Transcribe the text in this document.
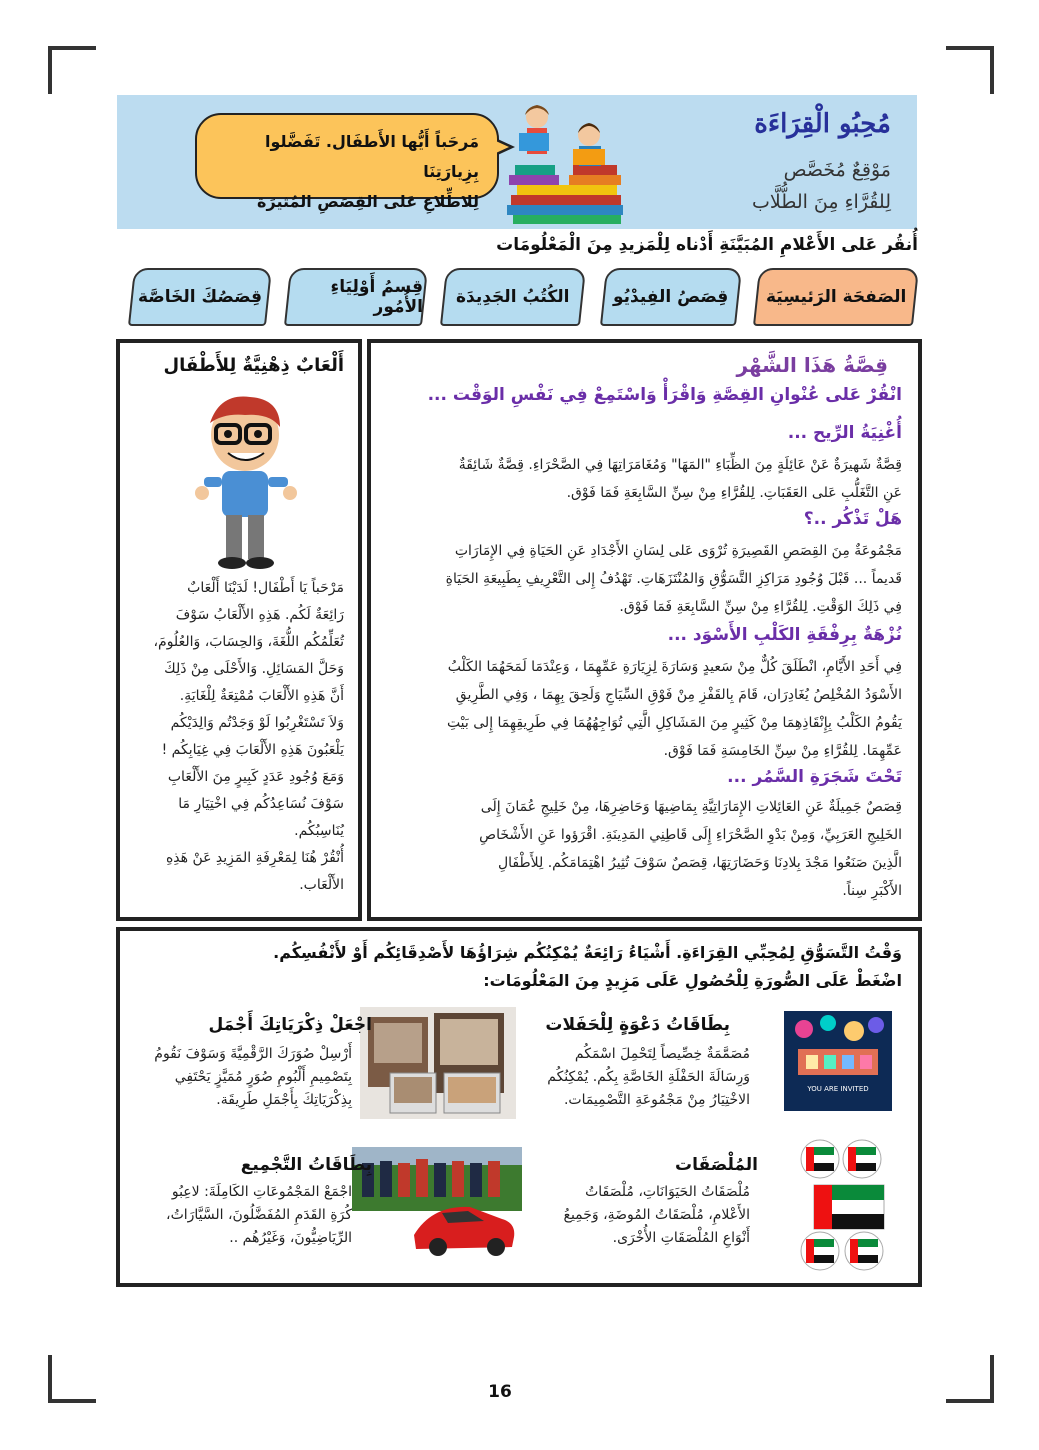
مُحِبُو الْقِرَاءَة
مَوْقِعٌ مُخَصَّص
لِلقُرَّاءِ مِنَ الطُّلَّاب
مَرحَباً أَيُّها الأَطفَال. تَفَضَّلوا بِزِيارَتِنَا
لِلاطِّلاعِ عَلى القِصَصِ المُثيرَة
أُنقُر عَلى الأَعْلامِ المُبَيَّنَةِ أَدْناه لِلْمَزيدِ مِنَ الْمَعْلُومَات
الصَفحَة الرَئيسِيَة
قِصَصُ الفِيدْيُو
الكُتُبُ الجَدِيدَة
قِسمُ أَوْلِيَاءِ الأُمُور
قِصَصُكَ الخَاصَّة
قِصَّةُ هَذَا الشَّهْر
انْقُرْ عَلى عُنْوانِ القِصَّةِ وَاقْرَأْ وَاسْتَمِعْ فِي نَفْسِ الوَقْت ...
أُغْنِيَةُ الرِّيح ...
قِصَّةٌ شَهيرَةٌ عَنْ عَائِلَةٍ مِنَ الظِّبَاءِ "المَهَا" وَمُغَامَرَاتِهَا فِي الصَّحْرَاءِ. قِصَّةٌ شَائِقَةٌ
عَنِ التَّغَلُّبِ عَلى العَقَبَاتِ. لِلقُرَّاءِ مِنْ سِنِّ السَّابِعَةِ فَمَا فَوْق.
هَلْ تَذْكُر ..؟
مَجْمُوعَةٌ مِنَ القِصَصِ القَصِيرَةِ تُرْوَى عَلى لِسَانِ الأَجْدَادِ عَنِ الحَيَاةِ فِي الإِمَارَاتِ
قَديماً ... قَبْلَ وُجُودِ مَرَاكِزِ التَّسَوُّقِ وَالمُنْتَزَهَاتِ. تَهْدُفُ إِلى التَّعْرِيفِ بِطَبِيعَةِ الحَيَاةِ
فِي ذَلِكَ الوَقْتِ. لِلقُرَّاءِ مِنْ سِنِّ السَّابِعَةِ فَمَا فَوْق.
نُزْهَةٌ بِرِفْقَةِ الكَلْبِ الأَسْوَد ...
فِي أَحَدِ الأَيَّامِ، انْطَلَقَ كُلٌّ مِنْ سَعيدٍ وَسَارَةَ لِزِيَارَةِ عَمِّهِمَا ، وَعِنْدَمَا لَمَحَهُمَا الكَلْبُ
الأَسْوَدُ المُخْلِصُ يُغَادِرَان، قَامَ بِالقَفْزِ مِنْ فَوْقِ السِّيَاجِ وَلَحِقَ بِهِمَا ، وَفِي الطَّرِيقِ
يَقُومُ الكَلْبُ بِإِنْقَاذِهِمَا مِنْ كَثِيرٍ مِنَ المَشَاكِلِ الَّتِي تُوَاجِهُهُمَا فِي طَرِيقِهِمَا إِلى بَيْتِ
عَمِّهِمَا. لِلقُرَّاءِ مِنْ سِنِّ الخَامِسَةِ فَمَا فَوْق.
تَحْتَ شَجَرَةِ السَّمُر ...
قِصَصٌ جَمِيلَةٌ عَنِ العَائِلاتِ الإِمَارَاتِيَّةِ بِمَاضِيهَا وَحَاضِرِهَا، مِنْ خَلِيجِ عُمَانَ إِلَى
الخَلِيجِ العَرَبِيِّ، وَمِنْ بَدْوِ الصَّحْرَاءِ إِلَى قَاطِنِي المَدِينَةِ. اقْرَؤوا عَنِ الأَشْخَاصِ
الَّذِينَ صَنَعُوا مَجْدَ بِلادِنَا وَحَضَارَتِهَا، قِصَصٌ سَوْفَ تُثِيرُ اهْتِمَامَكُم. لِلأَطْفَالِ
الأَكْبَرِ سِناً.
أَلْعَابٌ ذِهْنِيَّةٌ لِلأَطْفَال
مَرْحَباً يَا أَطْفَال! لَدَيْنَا أَلْعَابٌ
رَائِعَةٌ لَكُم. هَذِهِ الأَلْعَابُ سَوْفَ
تُعَلِّمُكُم اللُّغَةَ، وَالحِسَابَ، وَالعُلُومَ،
وَحَلَّ المَسَائِلِ. وَالأَحْلَى مِنْ ذَلِكَ
أَنَّ هَذِهِ الأَلْعَابَ مُمْتِعَةٌ لِلْغَايَةِ.
وَلاَ تَسْتَغْرِبُوا لَوْ وَجَدْتُم وَالِدَيْكُم
يَلْعَبُونَ هَذِهِ الأَلْعَابَ فِي غِيَابِكُم !
وَمَعَ وُجُودِ عَدَدٍ كَبِيرٍ مِنَ الأَلْعَابِ
سَوْفَ نُسَاعِدُكُم فِي اخْتِيَارِ مَا
يُنَاسِبُكُم.
أُنْقُرْ هُنَا لِمَعْرِفَةِ المَزِيدِ عَنْ هَذِهِ
الأَلْعَاب.
وَقْتُ التَّسَوُّقِ لِمُحِبِّي القِرَاءَةِ. أَشْيَاءُ رَائِعَةٌ يُمْكِنُكُم شِرَاؤُهَا لأَصْدِقَائِكُم أَوْ لأَنْفُسِكُم.
اضْغَطْ عَلَى الصُّورَةِ لِلْحُصُولِ عَلَى مَزِيدٍ مِنَ المَعْلُومَات:
YOU ARE INVITED
بِطَاقَاتُ دَعْوَةٍ لِلْحَفَلات
مُصَمَّمَةٌ خِصِّيصاً لِتَحْمِلَ اسْمَكُم
وَرِسَالَةَ الحَفْلَةِ الخَاصَّةِ بِكُم. يُمْكِنُكُم
الاخْتِيَارُ مِنْ مَجْمُوعَةِ التَّصْمِيمَات.
اجْعَلْ ذِكْرَيَاتِكَ أَجْمَل
أَرْسِلْ صُوَرَكَ الرَّقْمِيَّةَ وَسَوْفَ نَقُومُ
بِتَصْمِيمِ أَلْبُومِ صُوَرٍ مُمَيَّزٍ يَحْتَفِي
بِذِكْرَيَاتِكَ بِأَجْمَلِ طَرِيقَة.
المُلْصَقَات
مُلْصَقَاتُ الحَيَوَانَاتِ، مُلْصَقَاتُ
الأَعْلامِ، مُلْصَقَاتُ المُوضَةِ، وَجَمِيعُ
أَنْوَاعِ المُلْصَقَاتِ الأُخْرَى.
بِطَاقَاتُ التَّجْمِيع
اجْمَعْ المَجْمُوعَاتِ الكَامِلَةَ: لاعِبُو
كُرَةِ القَدَمِ المُفَضَّلُونَ، السَّيَّارَاتُ،
الرِّيَاضِيُّونَ، وَغَيْرُهُم ..
16
